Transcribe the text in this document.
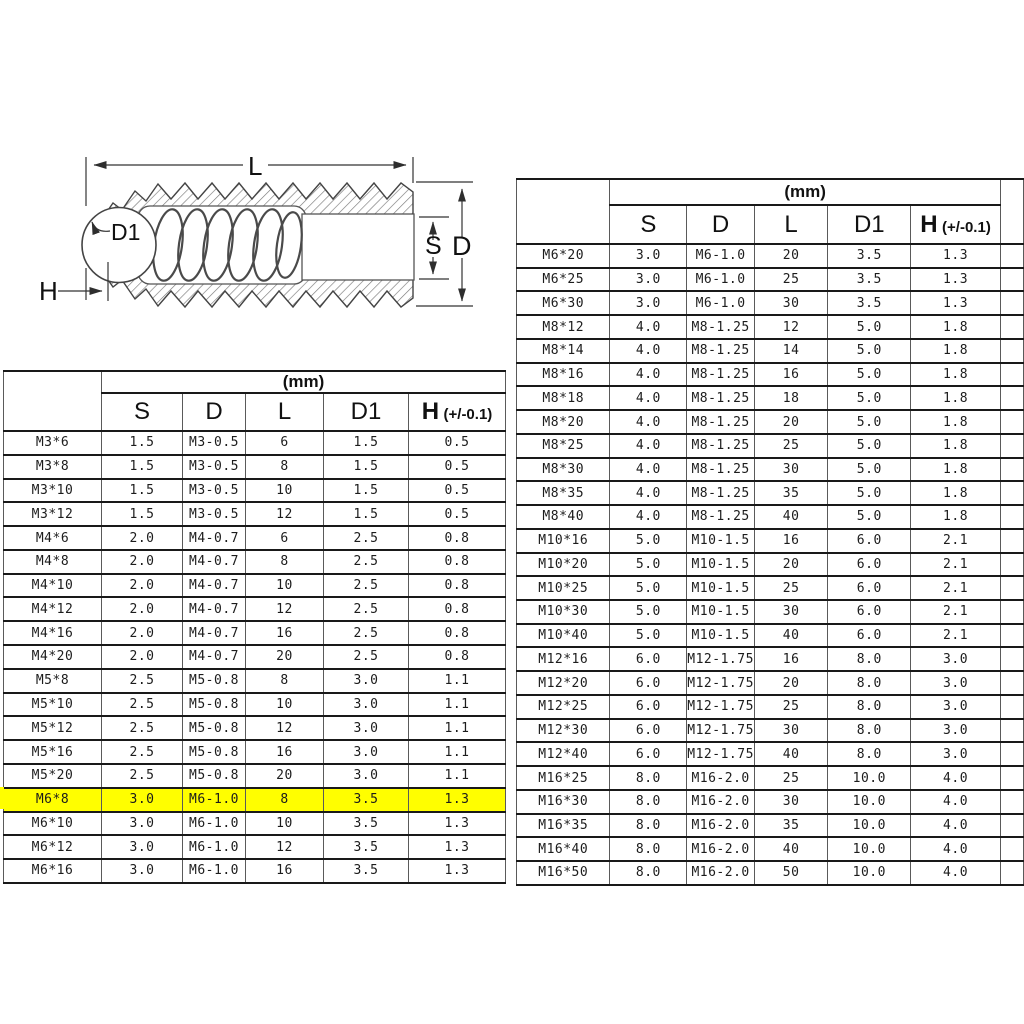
L
D1
H
S D
	(mm)				
	S	D	L	D1	H (+/-0.1)
M3*6	1.5	M3-0.5	6	1.5	0.5
M3*8	1.5	M3-0.5	8	1.5	0.5
M3*10	1.5	M3-0.5	10	1.5	0.5
M3*12	1.5	M3-0.5	12	1.5	0.5
M4*6	2.0	M4-0.7	6	2.5	0.8
M4*8	2.0	M4-0.7	8	2.5	0.8
M4*10	2.0	M4-0.7	10	2.5	0.8
M4*12	2.0	M4-0.7	12	2.5	0.8
M4*16	2.0	M4-0.7	16	2.5	0.8
M4*20	2.0	M4-0.7	20	2.5	0.8
M5*8	2.5	M5-0.8	8	3.0	1.1
M5*10	2.5	M5-0.8	10	3.0	1.1
M5*12	2.5	M5-0.8	12	3.0	1.1
M5*16	2.5	M5-0.8	16	3.0	1.1
M5*20	2.5	M5-0.8	20	3.0	1.1
M6*8	3.0	M6-1.0	8	3.5	1.3
M6*10	3.0	M6-1.0	10	3.5	1.3
M6*12	3.0	M6-1.0	12	3.5	1.3
M6*16	3.0	M6-1.0	16	3.5	1.3
	(mm)					
	S	D	L	D1	H (+/-0.1)	
M6*20	3.0	M6-1.0	20	3.5	1.3	
M6*25	3.0	M6-1.0	25	3.5	1.3	
M6*30	3.0	M6-1.0	30	3.5	1.3	
M8*12	4.0	M8-1.25	12	5.0	1.8	
M8*14	4.0	M8-1.25	14	5.0	1.8	
M8*16	4.0	M8-1.25	16	5.0	1.8	
M8*18	4.0	M8-1.25	18	5.0	1.8	
M8*20	4.0	M8-1.25	20	5.0	1.8	
M8*25	4.0	M8-1.25	25	5.0	1.8	
M8*30	4.0	M8-1.25	30	5.0	1.8	
M8*35	4.0	M8-1.25	35	5.0	1.8	
M8*40	4.0	M8-1.25	40	5.0	1.8	
M10*16	5.0	M10-1.5	16	6.0	2.1	
M10*20	5.0	M10-1.5	20	6.0	2.1	
M10*25	5.0	M10-1.5	25	6.0	2.1	
M10*30	5.0	M10-1.5	30	6.0	2.1	
M10*40	5.0	M10-1.5	40	6.0	2.1	
M12*16	6.0	M12-1.75	16	8.0	3.0	
M12*20	6.0	M12-1.75	20	8.0	3.0	
M12*25	6.0	M12-1.75	25	8.0	3.0	
M12*30	6.0	M12-1.75	30	8.0	3.0	
M12*40	6.0	M12-1.75	40	8.0	3.0	
M16*25	8.0	M16-2.0	25	10.0	4.0	
M16*30	8.0	M16-2.0	30	10.0	4.0	
M16*35	8.0	M16-2.0	35	10.0	4.0	
M16*40	8.0	M16-2.0	40	10.0	4.0	
M16*50	8.0	M16-2.0	50	10.0	4.0	
